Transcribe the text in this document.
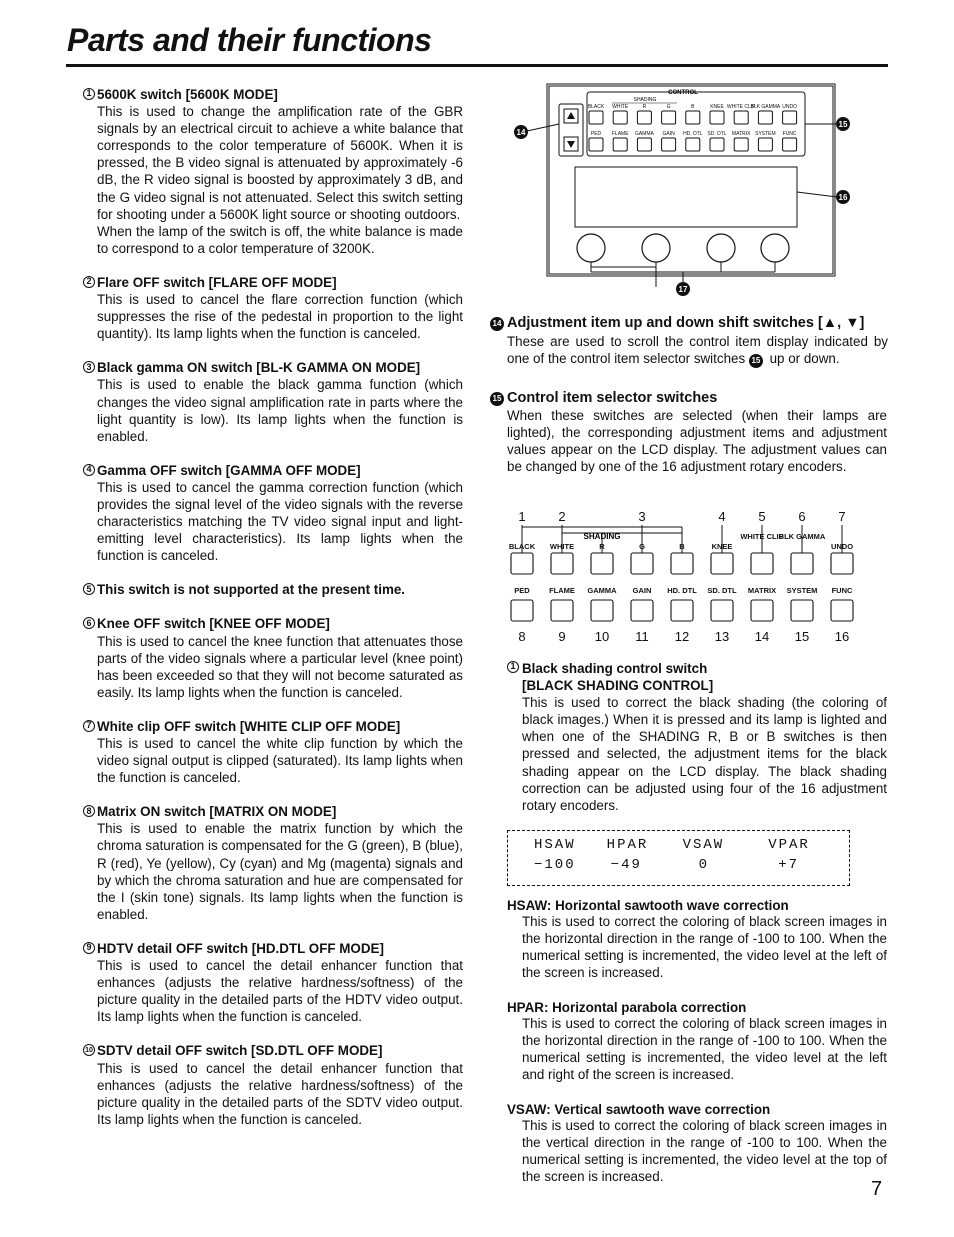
Parts and their functions
1 5600K switch [5600K MODE]

This is used to change the amplification rate of the GBR signals by an electrical circuit to achieve a white balance that corresponds to the color temperature of 5600K. When it is pressed, the B video signal is attenuated by approximately -6 dB, the R video signal is boosted by approximately 3 dB, and the G video signal is not attenuated. Select this switch setting for shooting under a 5600K light source or shooting outdoors.

When the lamp of the switch is off, the white balance is made to correspond to a color temperature of 3200K.

2 Flare OFF switch [FLARE OFF MODE]

This is used to cancel the flare correction function (which suppresses the rise of the pedestal in proportion to the light quantity). Its lamp lights when the function is canceled.

3 Black gamma ON switch [BL-K GAMMA ON MODE]

This is used to enable the black gamma function (which changes the video signal amplification rate in parts where the light quantity is low). Its lamp lights when the function is enabled.

4 Gamma OFF switch [GAMMA OFF MODE]

This is used to cancel the gamma correction function (which provides the signal level of the video signals with the reverse characteristics matching the TV video signal input and light-emitting level characteristics). Its lamp lights when the function is canceled.

5 This switch is not supported at the present time.
6 Knee OFF switch [KNEE OFF MODE]

This is used to cancel the knee function that attenuates those parts of the video signals where a particular level (knee point) has been exceeded so that they will not become saturated as easily. Its lamp lights when the function is canceled.

7 White clip OFF switch [WHITE CLIP OFF MODE]

This is used to cancel the white clip function by which the video signal output is clipped (saturated). Its lamp lights when the function is canceled.

8 Matrix ON switch [MATRIX ON MODE]

This is used to enable the matrix function by which the chroma saturation is compensated for the G (green), B (blue), R (red), Ye (yellow), Cy (cyan) and Mg (magenta) signals and by which the chroma saturation and hue are compensated for the I (skin tone) signals. Its lamp lights when the function is enabled.

9 HDTV detail OFF switch [HD.DTL OFF MODE]

This is used to cancel the detail enhancer function that enhances (adjusts the relative hardness/softness) of the picture quality in the detailed parts of the HDTV video output. Its lamp lights when the function is canceled.

10 SDTV detail OFF switch [SD.DTL OFF MODE]

This is used to cancel the detail enhancer function that enhances (adjusts the relative hardness/softness) of the picture quality in the detailed parts of the SDTV video output. Its lamp lights when the function is canceled.

BLACK WHITE	R	G	B	KNEE WHITE CLIP
BLK GAMMA UNDO
PED FLAME GAMMA GAIN HD. DTL SD. DTL MATRIX SYSTEM FUNC
CONTROL
SHADING
14
15
16
17
14 Adjustment item up and down shift switches [▲, ▼]
These are used to scroll the control item display indicated by one of the control item selector switches 15 up or down.
15 Control item selector switches
When these switches are selected (when their lamps are lighted), the corresponding adjustment items and adjustment values appear on the LCD display. The adjustment values can be changed by one of the 16 adjustment rotary encoders.
BLACK WHITE	R	G	B	KNEE
WHITE CLIP
BLK GAMMA
UNDO
PED
8
FLAME
9
GAMMA
10
GAIN
11
HD. DTL
12
SD. DTL
13
MATRIX
14
SYSTEM
15
FUNC
16
1	2	3	4	5	6	7
SHADING
1 Black shading control switch
[BLACK SHADING CONTROL]
This is used to correct the black shading (the coloring of black images.) When it is pressed and its lamp is lighted and when one of the SHADING R, B or B switches is then pressed and selected, the adjustment items for the black shading appear on the LCD display. The black shading correction can be adjusted using four of the 16 adjustment rotary encoders.
HSAW	HPAR	VSAW	VPAR
−100	−49	0	+7
HSAW: Horizontal sawtooth wave correction
This is used to correct the coloring of black screen images in the horizontal direction in the range of -100 to 100. When the numerical setting is incremented, the video level at the left of the screen is increased.
HPAR: Horizontal parabola correction
This is used to correct the coloring of black screen images in the horizontal direction in the range of -100 to 100. When the numerical setting is incremented, the video level at the left and right of the screen is increased.
VSAW: Vertical sawtooth wave correction
This is used to correct the coloring of black screen images in the vertical direction in the range of -100 to 100. When the numerical setting is incremented, the video level at the top of the screen is increased.
7
